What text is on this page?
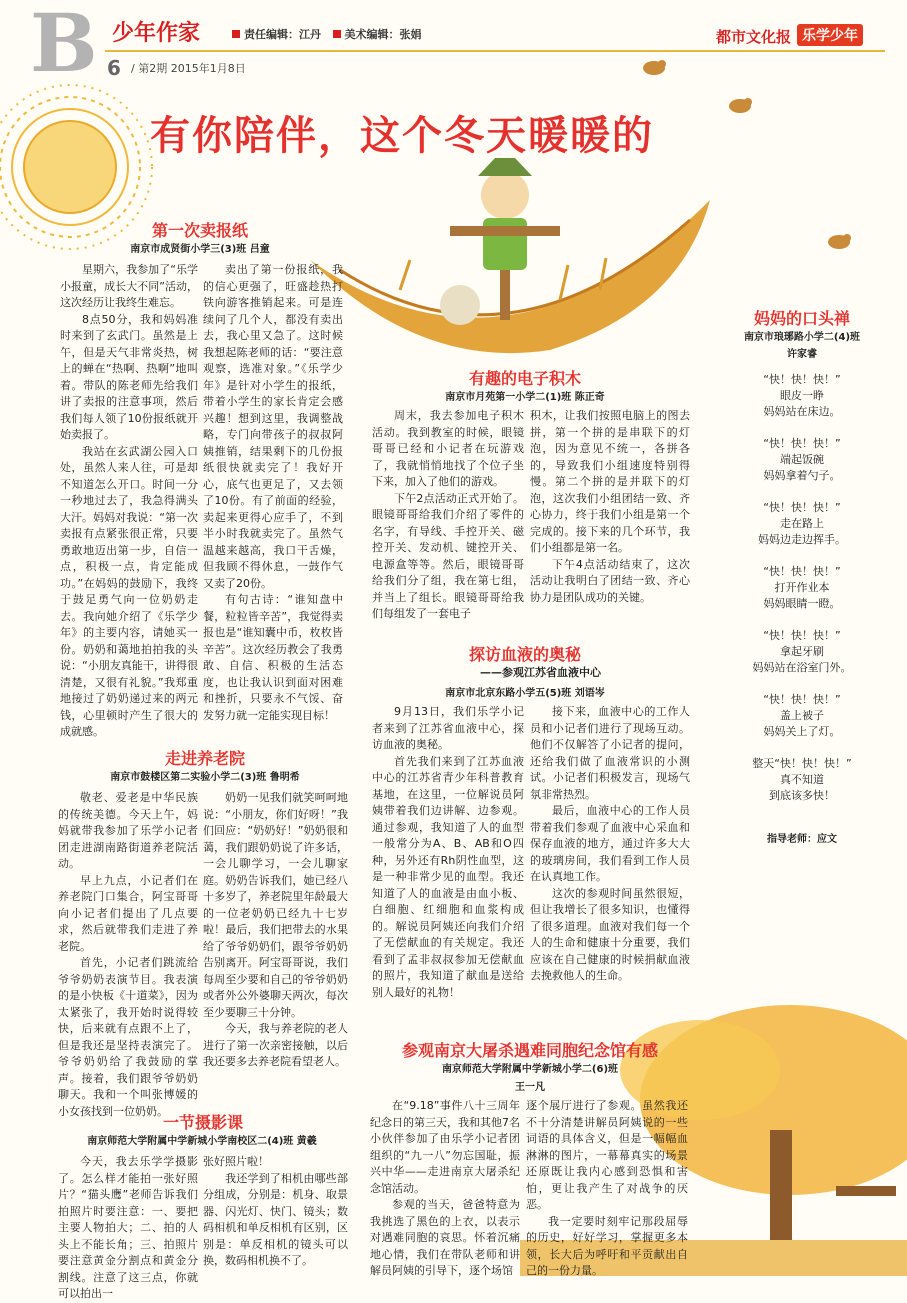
B 少年作家	责任编辑：江丹 美术编辑：张娟
6 / 第2期 2015年1月8日
都市文化报 乐学少年
有你陪伴，这个冬天暖暖的
第一次卖报纸
南京市成贤街小学三(3)班 吕童

星期六，我参加了“乐学小报童，成长大不同”活动，这次经历让我终生难忘。

8点50分，我和妈妈准时来到了玄武门。虽然是上午，但是天气非常炎热，树上的蝉在“热啊、热啊”地叫着。带队的陈老师先给我们讲了卖报的注意事项，然后我们每人领了10份报纸就开始卖报了。

我站在玄武湖公园入口处，虽然人来人往，可是却不知道怎么开口。时间一分一秒地过去了，我急得满头大汗。妈妈对我说：“第一次卖报有点紧张很正常，只要勇敢地迈出第一步，自信一点，积极一点，肯定能成功。”在妈妈的鼓励下，我终于鼓足勇气向一位奶奶走去。我向她介绍了《乐学少年》的主要内容，请她买一份。奶奶和蔼地拍拍我的头说：“小朋友真能干，讲得很清楚，又很有礼貌。”我郑重地接过了奶奶递过来的两元钱，心里顿时产生了很大的成就感。

卖出了第一份报纸，我的信心更强了，旺盛趁热打铁向游客推销起来。可是连续问了几个人，都没有卖出去，我心里又急了。这时候我想起陈老师的话：“要注意观察，选准对象。”《乐学少年》是针对小学生的报纸，带着小学生的家长肯定会感兴趣！想到这里，我调整战略，专门向带孩子的叔叔阿姨推销，结果剩下的几份报纸很快就卖完了！我好开心，底气也更足了，又去领了10份。有了前面的经验，卖起来更得心应手了，不到半小时我就卖完了。虽然气温越来越高，我口干舌燥，但我顾不得休息，一鼓作气又卖了20份。

有句古诗：“谁知盘中餐，粒粒皆辛苦”，我觉得卖报也是“谁知囊中币，枚枚皆辛苦”。这次经历教会了我勇敢、自信、积极的生活态度，也让我认识到面对困难和挫折，只要永不气馁、奋发努力就一定能实现目标！

走进养老院
南京市鼓楼区第二实验小学二(3)班 鲁明希

敬老、爱老是中华民族的传统美德。今天上午，妈妈就带我参加了乐学小记者团走进湖南路街道养老院活动。

早上九点，小记者们在养老院门口集合，阿宝哥哥向小记者们提出了几点要求，然后就带我们走进了养老院。

首先，小记者们跳流给爷爷奶奶表演节目。我表演的是小快板《十道菜》，因为太紧张了，我开始时说得较快，后来就有点跟不上了，但是我还是坚持表演完了。爷爷奶奶给了我鼓励的掌声。接着，我们跟爷爷奶奶聊天。我和一个叫张博媛的小女孩找到一位奶奶。

奶奶一见我们就笑呵呵地说：“小朋友，你们好呀！”我们回应：“奶奶好！”奶奶很和蔼，我们跟奶奶说了许多话，一会儿聊学习，一会儿聊家庭。奶奶告诉我们，她已经八十多岁了，养老院里年龄最大的一位老奶奶已经九十七岁啦！最后，我们把带去的水果给了爷爷奶奶们，跟爷爷奶奶告别离开。阿宝哥哥说，我们每周至少要和自己的爷爷奶奶或者外公外婆聊天两次，每次至少要聊三十分钟。

今天，我与养老院的老人进行了第一次亲密接触，以后我还要多去养老院看望老人。

一节摄影课
南京师范大学附属中学新城小学南校区二(4)班 黄羲

今天，我去乐学学摄影了。怎么样才能拍一张好照片？“猫头鹰”老师告诉我们拍照片时要注意：一、要把主要人物拍大；二、拍的人头上不能长角；三、拍照片要注意黄金分割点和黄金分割线。注意了这三点，你就可以拍出一

张好照片啦！

我还学到了相机由哪些部分组成，分别是：机身、取景器、闪光灯、快门、镜头；数码相机和单反相机有区别，区别是：单反相机的镜头可以换，数码相机换不了。

有趣的电子积木
南京市月苑第一小学二(1)班 陈正奇

周末，我去参加电子积木活动。我到教室的时候，眼镜哥哥已经和小记者在玩游戏了，我就悄悄地找了个位子坐下来，加入了他们的游戏。

下午2点活动正式开始了。眼镜哥哥给我们介绍了零件的名字，有导线、手控开关、磁控开关、发动机、键控开关、电源盒等等。然后，眼镜哥哥给我们分了组，我在第七组，并当上了组长。眼镜哥哥给我们每组发了一套电子

积木，让我们按照电脑上的图去拼，第一个拼的是串联下的灯泡，因为意见不统一，各拼各的，导致我们小组速度特别得慢。第二个拼的是并联下的灯泡，这次我们小组团结一致、齐心协力，终于我们小组是第一个完成的。接下来的几个环节，我们小组都是第一名。

下午4点活动结束了，这次活动让我明白了团结一致、齐心协力是团队成功的关键。

探访血液的奥秘
——参观江苏省血液中心
南京市北京东路小学五(5)班 刘语岑

9月13日，我们乐学小记者来到了江苏省血液中心，探访血液的奥秘。

首先我们来到了江苏血液中心的江苏省青少年科普教育基地，在这里，一位解说员阿姨带着我们边讲解、边参观。通过参观，我知道了人的血型一般常分为A、B、AB和O四种，另外还有Rh阴性血型，这是一种非常少见的血型。我还知道了人的血液是由血小板、白细胞、红细胞和血浆构成的。解说员阿姨还向我们介绍了无偿献血的有关规定。我还看到了孟非叔叔参加无偿献血的照片，我知道了献血是送给别人最好的礼物！

接下来，血液中心的工作人员和小记者们进行了现场互动。他们不仅解答了小记者的提问，还给我们做了血液常识的小测试。小记者们积极发言，现场气氛非常热烈。

最后，血液中心的工作人员带着我们参观了血液中心采血和保存血液的地方，通过许多大大的玻璃房间，我们看到工作人员在认真地工作。

这次的参观时间虽然很短，但让我增长了很多知识，也懂得了很多道理。血液对我们每一个人的生命和健康十分重要，我们应该在自己健康的时候捐献血液去挽救他人的生命。

参观南京大屠杀遇难同胞纪念馆有感
南京师范大学附属中学新城小学二(6)班
王一凡

在“9.18”事件八十三周年纪念日的第三天，我和其他7名小伙伴参加了由乐学小记者团组织的“九一八”勿忘国耻，振兴中华——走进南京大屠杀纪念馆活动。

参观的当天，爸爸特意为我挑选了黑色的上衣，以表示对遇难同胞的哀思。怀着沉痛地心情，我们在带队老师和讲解员阿姨的引导下，逐个场馆

逐个展厅进行了参观。虽然我还不十分清楚讲解员阿姨说的一些词语的具体含义，但是一幅幅血淋淋的图片，一幕幕真实的场景还原既让我内心感到恐惧和害怕，更让我产生了对战争的厌恶。

我一定要时刻牢记那段屈辱的历史，好好学习，掌握更多本领，长大后为呼吁和平贡献出自己的一份力量。

妈妈的口头禅
南京市琅琊路小学二(4)班
许家睿
“快！快！快！”
眼皮一睁
妈妈站在床边。
“快！快！快！”
端起饭碗
妈妈拿着勺子。
“快！快！快！”
走在路上
妈妈边走边挥手。
“快！快！快！”
打开作业本
妈妈眼睛一瞪。
“快！快！快！”
拿起牙刷
妈妈站在浴室门外。
“快！快！快！”
盖上被子
妈妈关上了灯。
整天“快！快！快！”
真不知道
到底该多快！
指导老师：应文
